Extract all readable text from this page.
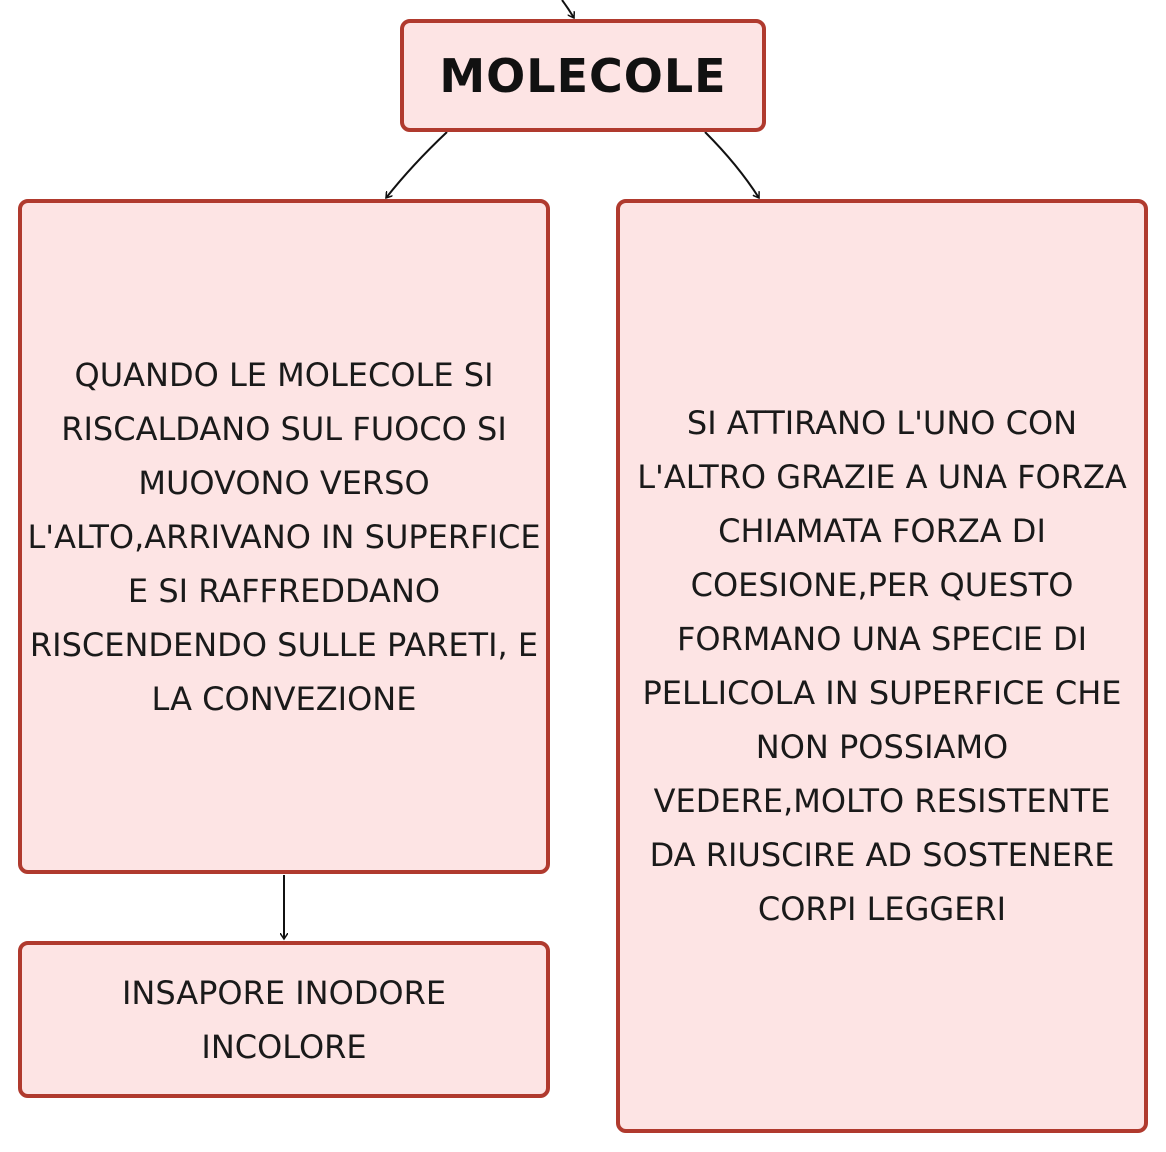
MOLECOLE
QUANDO LE MOLECOLE SI RISCALDANO SUL FUOCO SI MUOVONO VERSO L'ALTO,ARRIVANO IN SUPERFICE E SI RAFFREDDANO RISCENDENDO SULLE PARETI, E LA CONVEZIONE
SI ATTIRANO L'UNO CON L'ALTRO GRAZIE A UNA FORZA CHIAMATA FORZA DI COESIONE,PER QUESTO FORMANO UNA SPECIE DI PELLICOLA IN SUPERFICE CHE NON POSSIAMO VEDERE,MOLTO RESISTENTE DA RIUSCIRE AD SOSTENERE CORPI LEGGERI
INSAPORE INODORE INCOLORE
